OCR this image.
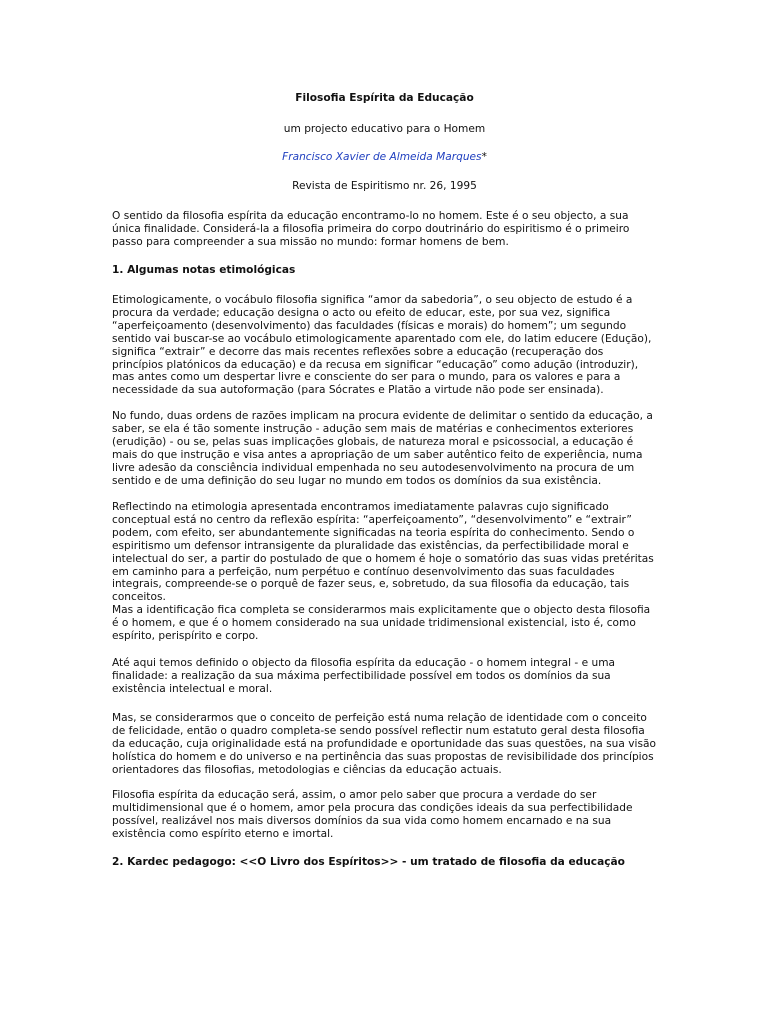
Filosofia Espírita da Educação
um projecto educativo para o Homem
Francisco Xavier de Almeida Marques*
Revista de Espiritismo nr. 26, 1995

O sentido da filosofia espírita da educação encontramo-lo no homem. Este é o seu objecto, a sua única finalidade. Considerá-la a filosofia primeira do corpo doutrinário do espiritismo é o primeiro passo para compreender a sua missão no mundo: formar homens de bem.

1. Algumas notas etimológicas

Etimologicamente, o vocábulo filosofia significa “amor da sabedoria”, o seu objecto de estudo é a procura da verdade; educação designa o acto ou efeito de educar, este, por sua vez, significa “aperfeiçoamento (desenvolvimento) das faculdades (físicas e morais) do homem”; um segundo sentido vai buscar-se ao vocábulo etimologicamente aparentado com ele, do latim educere (Edução), significa “extrair” e decorre das mais recentes reflexões sobre a educação (recuperação dos princípios platónicos da educação) e da recusa em significar “educação” como adução (introduzir), mas antes como um despertar livre e consciente do ser para o mundo, para os valores e para a necessidade da sua autoformação (para Sócrates e Platão a virtude não pode ser ensinada).

No fundo, duas ordens de razões implicam na procura evidente de delimitar o sentido da educação, a saber, se ela é tão somente instrução - adução sem mais de matérias e conhecimentos exteriores (erudição) - ou se, pelas suas implicações globais, de natureza moral e psicossocial, a educação é mais do que instrução e visa antes a apropriação de um saber autêntico feito de experiência, numa livre adesão da consciência individual empenhada no seu autodesenvolvimento na procura de um sentido e de uma definição do seu lugar no mundo em todos os domínios da sua existência.

Reflectindo na etimologia apresentada encontramos imediatamente palavras cujo significado conceptual está no centro da reflexão espírita: “aperfeiçoamento”, “desenvolvimento” e “extrair” podem, com efeito, ser abundantemente significadas na teoria espírita do conhecimento. Sendo o espiritismo um defensor intransigente da pluralidade das existências, da perfectibilidade moral e intelectual do ser, a partir do postulado de que o homem é hoje o somatório das suas vidas pretéritas em caminho para a perfeição, num perpétuo e contínuo desenvolvimento das suas faculdades integrais, compreende-se o porquê de fazer seus, e, sobretudo, da sua filosofia da educação, tais conceitos.

Mas a identificação fica completa se considerarmos mais explicitamente que o objecto desta filosofia é o homem, e que é o homem considerado na sua unidade tridimensional existencial, isto é, como espírito, perispírito e corpo.

Até aqui temos definido o objecto da filosofia espírita da educação - o homem integral - e uma finalidade: a realização da sua máxima perfectibilidade possível em todos os domínios da sua existência intelectual e moral.

Mas, se considerarmos que o conceito de perfeição está numa relação de identidade com o conceito de felicidade, então o quadro completa-se sendo possível reflectir num estatuto geral desta filosofia da educação, cuja originalidade está na profundidade e oportunidade das suas questões, na sua visão holística do homem e do universo e na pertinência das suas propostas de revisibilidade dos princípios orientadores das filosofias, metodologias e ciências da educação actuais.

Filosofia espírita da educação será, assim, o amor pelo saber que procura a verdade do ser multidimensional que é o homem, amor pela procura das condições ideais da sua perfectibilidade possível, realizável nos mais diversos domínios da sua vida como homem encarnado e na sua existência como espírito eterno e imortal.

2. Kardec pedagogo: <<O Livro dos Espíritos>> - um tratado de filosofia da educação
